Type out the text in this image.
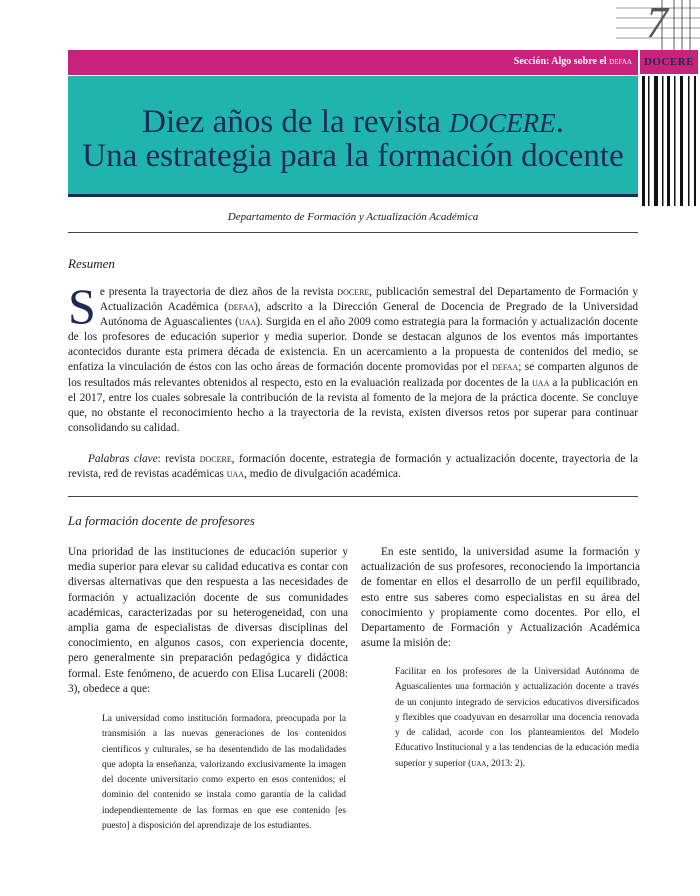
7
Sección: Algo sobre el defaa	DOCERE
Diez años de la revista DOCERE.
Una estrategia para la formación docente
Departamento de Formación y Actualización Académica
Resumen
Se presenta la trayectoria de diez años de la revista docere, publicación semestral del Departamento de Formación y Actualización Académica (defaa), adscrito a la Dirección General de Docencia de Pregrado de la Universidad Autónoma de Aguascalientes (uaa). Surgida en el año 2009 como estrategia para la formación y actualización docente de los profesores de educación superior y media superior. Donde se destacan algunos de los eventos más importantes acontecidos durante esta primera década de existencia. En un acercamiento a la propuesta de contenidos del medio, se enfatiza la vinculación de éstos con las ocho áreas de formación docente promovidas por el defaa; se comparten algunos de los resultados más relevantes obtenidos al respecto, esto en la evaluación realizada por docentes de la uaa a la publicación en el 2017, entre los cuales sobresale la contribución de la revista al fomento de la mejora de la práctica docente. Se concluye que, no obstante el reconocimiento hecho a la trayectoria de la revista, existen diversos retos por superar para continuar consolidando su calidad.
Palabras clave: revista docere, formación docente, estrategia de formación y actualización docente, trayectoria de la revista, red de revistas académicas uaa, medio de divulgación académica.
La formación docente de profesores

Una prioridad de las instituciones de educación superior y media superior para elevar su calidad educativa es contar con diversas alternativas que den respuesta a las necesidades de formación y actualización docente de sus comunidades académicas, caracterizadas por su heterogeneidad, con una amplia gama de especialistas de diversas disciplinas del conocimiento, en algunos casos, con experiencia docente, pero generalmente sin preparación pedagógica y didáctica formal. Este fenómeno, de acuerdo con Elisa Lucareli (2008: 3), obedece a que:

La universidad como institución formadora, preocupada por la transmisión a las nuevas generaciones de los contenidos científicos y culturales, se ha desentendido de las modalidades que adopta la enseñanza, valorizando exclusivamente la imagen del docente universitario como experto en esos contenidos; el dominio del contenido se instala como garantía de la calidad independientemente de las formas en que ese contenido [es puesto] a disposición del aprendizaje de los estudiantes.

En este sentido, la universidad asume la formación y actualización de sus profesores, reconociendo la importancia de fomentar en ellos el desarrollo de un perfil equilibrado, esto entre sus saberes como especialistas en su área del conocimiento y propiamente como docentes. Por ello, el Departamento de Formación y Actualización Académica asume la misión de:

Facilitar en los profesores de la Universidad Autónoma de Aguascalientes una formación y actualización docente a través de un conjunto integrado de servicios educativos diversificados y flexibles que coadyuvan en desarrollar una docencia renovada y de calidad, acorde con los planteamientos del Modelo Educativo Institucional y a las tendencias de la educación media superior y superior (uaa, 2013: 2).
